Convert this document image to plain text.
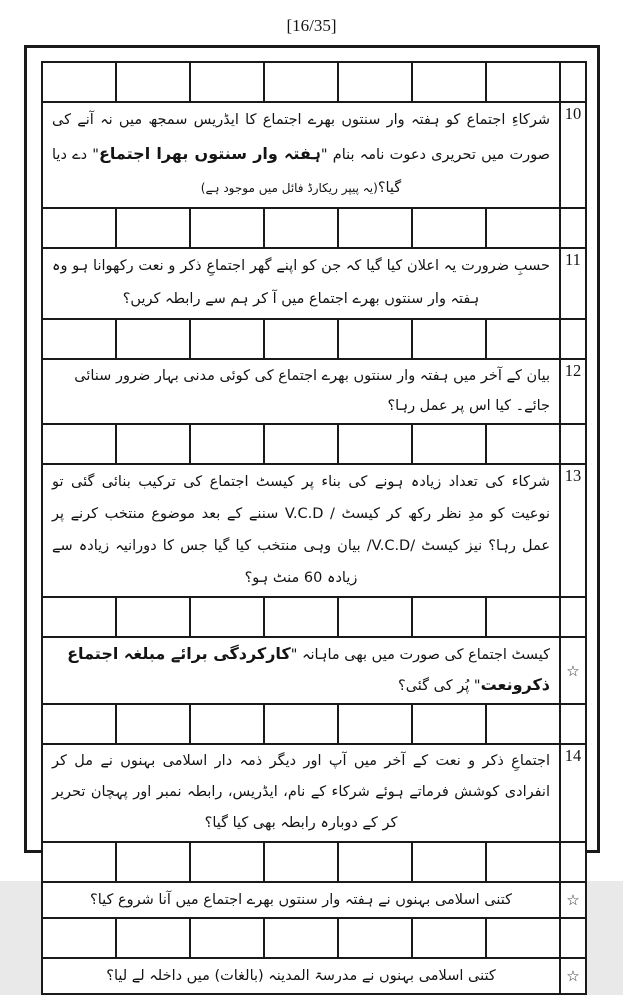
[16/35]

شرکاءِ اجتماع کو ہفتہ وار سنتوں بھرے اجتماع کا ایڈریس سمجھ میں نہ آنے کی صورت میں تحریری دعوت نامہ بنام "ہفتہ وار سنتوں بھرا اجتماع" دے دیا گیا؟(یہ پیپر ریکارڈ فائل میں موجود ہے)							10

حسبِ ضرورت یہ اعلان کیا گیا کہ جن کو اپنے گھر اجتماعِ ذکر و نعت رکھوانا ہو وہ ہفتہ وار سنتوں بھرے اجتماع میں آ کر ہم سے رابطہ کریں؟							11

بیان کے آخر میں ہفتہ وار سنتوں بھرے اجتماع کی کوئی مدنی بہار ضرور سنائی جائے۔ کیا اس پر عمل رہا؟							12

شرکاء کی تعداد زیادہ ہونے کی بناء پر کیسٹ اجتماع کی ترکیب بنائی گئی تو نوعیت کو مدِ نظر رکھ کر کیسٹ / V.C.D سننے کے بعد موضوع منتخب کرنے پر عمل رہا؟ نیز کیسٹ /V.C.D/ بیان وہی منتخب کیا گیا جس کا دورانیہ زیادہ سے زیادہ 60 منٹ ہو؟							13

کیسٹ اجتماع کی صورت میں بھی ماہانہ "کارکردگی برائے مبلغہ اجتماع ذکرونعت" پُر کی گئی؟							☆

اجتماعِ ذکر و نعت کے آخر میں آپ اور دیگر ذمہ دار اسلامی بہنوں نے مل کر انفرادی کوشش فرماتے ہوئے شرکاء کے نام، ایڈریس، رابطہ نمبر اور پہچان تحریر کر کے دوبارہ رابطہ بھی کیا گیا؟							14

کتنی اسلامی بہنوں نے ہفتہ وار سنتوں بھرے اجتماع میں آنا شروع کیا؟							☆

کتنی اسلامی بہنوں نے مدرسۃ المدینہ (بالغات) میں داخلہ لے لیا؟							☆
